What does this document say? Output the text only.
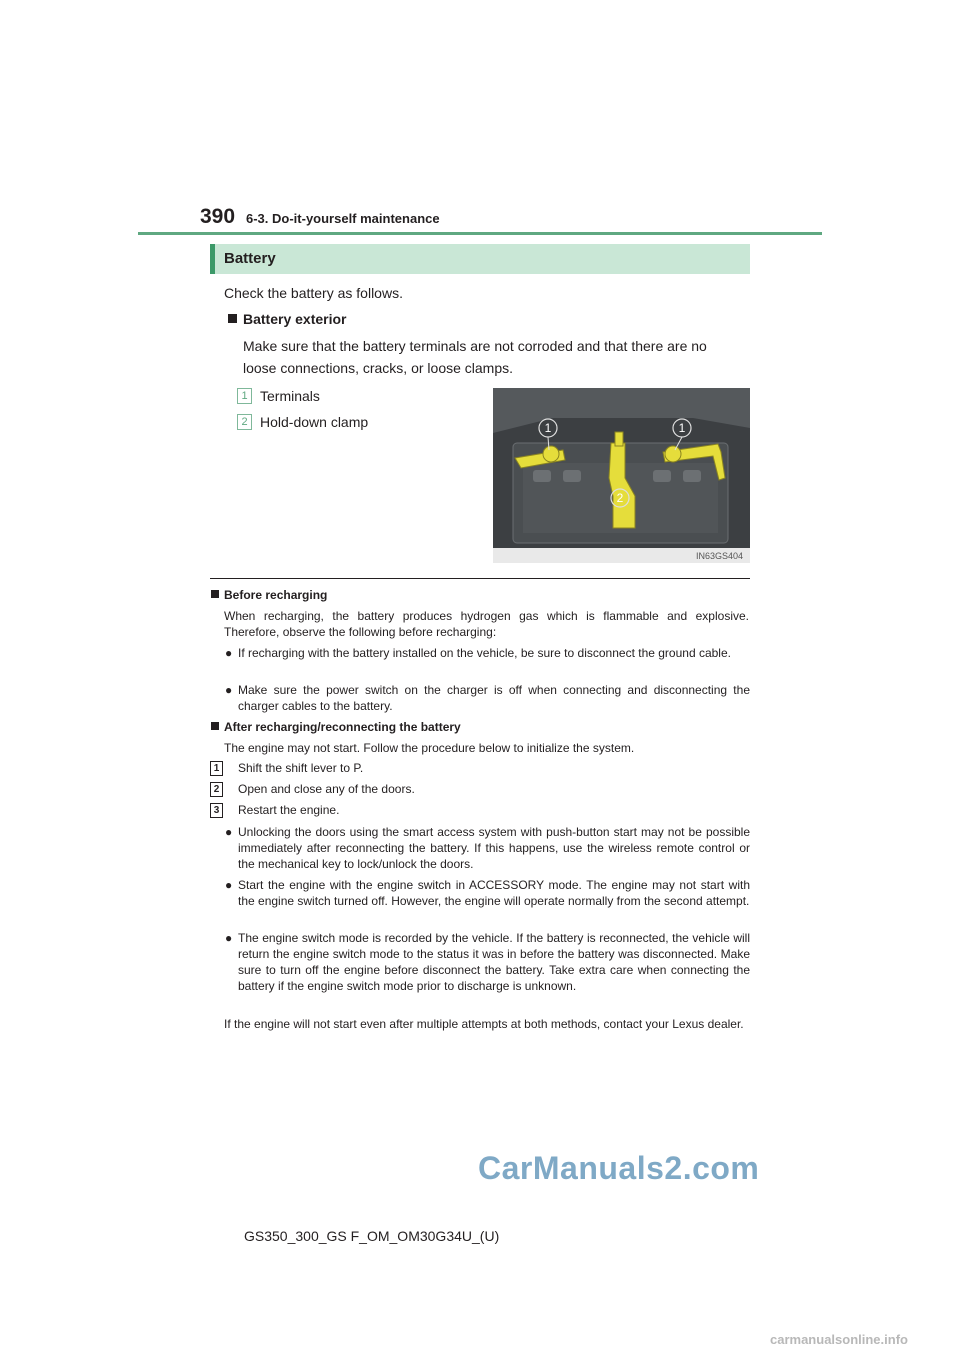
390 6-3. Do-it-yourself maintenance
Battery
Check the battery as follows.
Battery exterior
Make sure that the battery terminals are not corroded and that there are no
loose connections, cracks, or loose clamps.
1 Terminals
2 Hold-down clamp	1	1
2
IN63GS404
Before recharging
When recharging, the battery produces hydrogen gas which is flammable and explosive. Therefore, observe the following before recharging:
● If recharging with the battery installed on the vehicle, be sure to disconnect the ground cable.
● Make sure the power switch on the charger is off when connecting and disconnecting the charger cables to the battery.
After recharging/reconnecting the battery
The engine may not start. Follow the procedure below to initialize the system.
1	Shift the shift lever to P.
2	Open and close any of the doors.
3	Restart the engine.
● Unlocking the doors using the smart access system with push-button start may not be possible immediately after reconnecting the battery. If this happens, use the wireless remote control or the mechanical key to lock/unlock the doors.
● Start the engine with the engine switch in ACCESSORY mode. The engine may not start with the engine switch turned off. However, the engine will operate normally from the second attempt.
● The engine switch mode is recorded by the vehicle. If the battery is reconnected, the vehicle will return the engine switch mode to the status it was in before the battery was disconnected. Make sure to turn off the engine before disconnect the battery. Take extra care when connecting the battery if the engine switch mode prior to discharge is unknown.
If the engine will not start even after multiple attempts at both methods, contact your Lexus dealer.
CarManuals2.com
GS350_300_GS F_OM_OM30G34U_(U)
carmanualsonline.info
